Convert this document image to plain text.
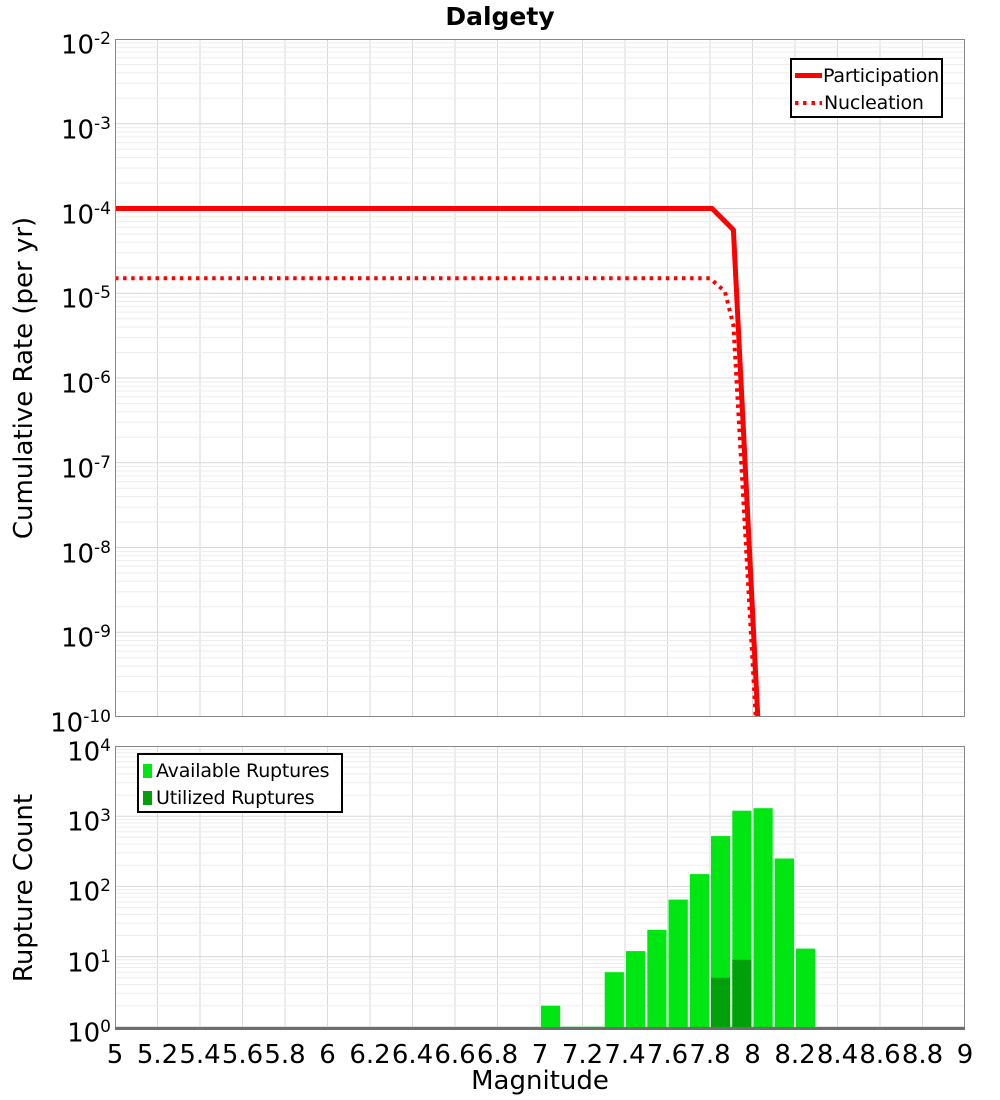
Dalgety
Cumulative Rate (per yr)
Rupture Count
Magnitude
$10^{-2}$
$10^{-3}$
$10^{-4}$
$10^{-5}$
$10^{-6}$
$10^{-7}$
$10^{-8}$
$10^{-9}$
$10^{-10}$
$10^4$
$10^3$
$10^2$
$10^1$
$10^0$
5 5.2 5.4 5.6 5.8 6 6.2 6.4 6.6 6.8 7 7.2 7.4 7.6 7.8 8 8.2 8.4 8.6 8.8 9
Participation
Nucleation
Available Ruptures
Utilized Ruptures
